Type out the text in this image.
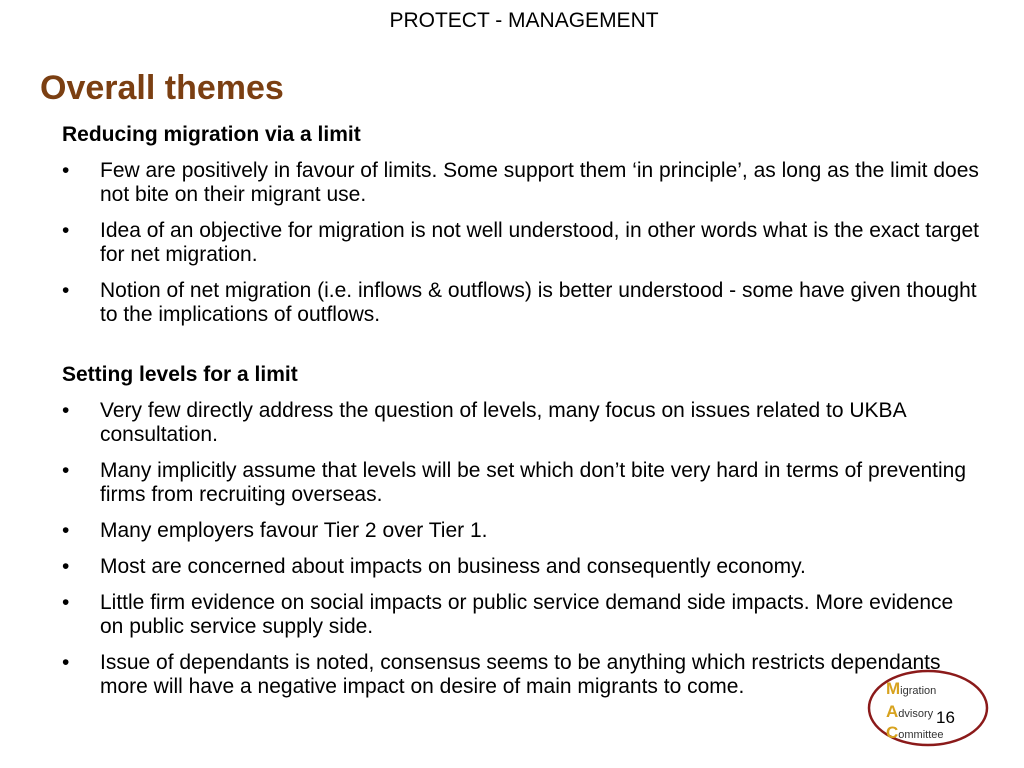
PROTECT - MANAGEMENT
Overall themes

Reducing migration via a limit

• Few are positively in favour of limits. Some support them ‘in principle’, as long as the limit does not bite on their migrant use.
• Idea of an objective for migration is not well understood, in other words what is the exact target for net migration.
• Notion of net migration (i.e. inflows & outflows) is better understood - some have given thought to the implications of outflows.

Setting levels for a limit

• Very few directly address the question of levels, many focus on issues related to UKBA consultation.
• Many implicitly assume that levels will be set which don’t bite very hard in terms of preventing firms from recruiting overseas.
• Many employers favour Tier 2 over Tier 1.
• Most are concerned about impacts on business and consequently economy.
• Little firm evidence on social impacts or public service demand side impacts. More evidence on public service supply side.
• Issue of dependants is noted, consensus seems to be anything which restricts dependants more will have a negative impact on desire of main migrants to come.	Migration
Advisory
Committee
16
